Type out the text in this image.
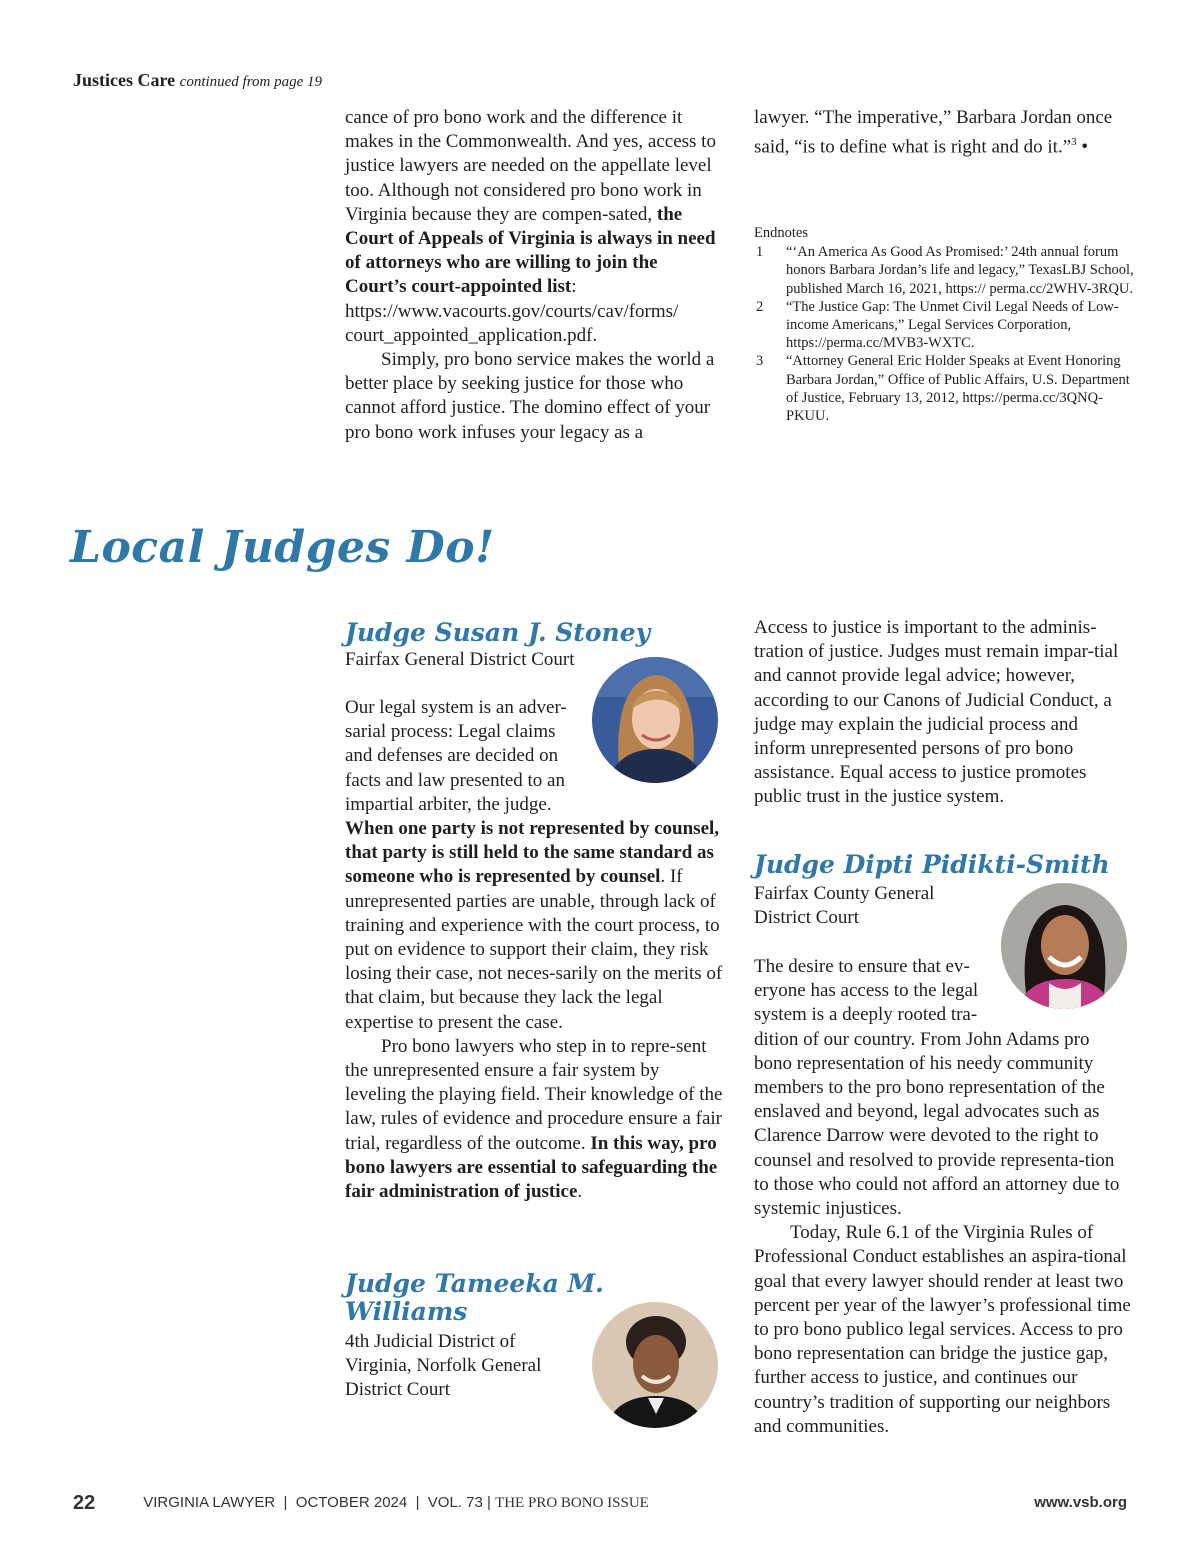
Justices Care continued from page 19

cance of pro bono work and the difference it makes in the Commonwealth. And yes, access to justice lawyers are needed on the appellate level too. Although not considered pro bono work in Virginia because they are compen-sated, the Court of Appeals of Virginia is always in need of attorneys who are willing to join the Court’s court-appointed list: https://www.vacourts.gov/courts/cav/forms/ court_appointed_application.pdf.

Simply, pro bono service makes the world a better place by seeking justice for those who cannot afford justice. The domino effect of your pro bono work infuses your legacy as a

lawyer. “The imperative,” Barbara Jordan once said, “is to define what is right and do it.”$^3$ •

Endnotes
1 “‘An America As Good As Promised:’ 24th annual forum honors Barbara Jordan’s life and legacy,” TexasLBJ School, published March 16, 2021, https:// perma.cc/2WHV-3RQU.
2 “The Justice Gap: The Unmet Civil Legal Needs of Low-income Americans,” Legal Services Corporation, https://perma.cc/MVB3-WXTC.
3 “Attorney General Eric Holder Speaks at Event Honoring Barbara Jordan,” Office of Public Affairs, U.S. Department of Justice, February 13, 2012, https://perma.cc/3QNQ-PKUU.
Local Judges Do!
Judge Susan J. Stoney
Fairfax General District Court

Our legal system is an adver-sarial process: Legal claims and defenses are decided on facts and law presented to an impartial arbiter, the judge. When one party is not represented by counsel, that party is still held to the same standard as someone who is represented by counsel. If unrepresented parties are unable, through lack of training and experience with the court process, to put on evidence to support their claim, they risk losing their case, not neces-sarily on the merits of that claim, but because they lack the legal expertise to present the case.

Pro bono lawyers who step in to repre-sent the unrepresented ensure a fair system by leveling the playing field. Their knowledge of the law, rules of evidence and procedure ensure a fair trial, regardless of the outcome. In this way, pro bono lawyers are essential to safeguarding the fair administration of justice.

Access to justice is important to the adminis-tration of justice. Judges must remain impar-tial and cannot provide legal advice; however, according to our Canons of Judicial Conduct, a judge may explain the judicial process and inform unrepresented persons of pro bono assistance. Equal access to justice promotes public trust in the justice system.

Judge Tameeka M. Williams
4th Judicial District of Virginia, Norfolk General District Court
Judge Dipti Pidikti-Smith
Fairfax County General District Court

The desire to ensure that ev-eryone has access to the legal system is a deeply rooted tra-dition of our country. From John Adams pro bono representation of his needy community members to the pro bono representation of the enslaved and beyond, legal advocates such as Clarence Darrow were devoted to the right to counsel and resolved to provide representa-tion to those who could not afford an attorney due to systemic injustices.

Today, Rule 6.1 of the Virginia Rules of Professional Conduct establishes an aspira-tional goal that every lawyer should render at least two percent per year of the lawyer’s professional time to pro bono publico legal services. Access to pro bono representation can bridge the justice gap, further access to justice, and continues our country’s tradition of supporting our neighbors and communities.

22	VIRGINIA LAWYER  |  OCTOBER 2024  |  VOL. 73 | THE PRO BONO ISSUE	www.vsb.org
